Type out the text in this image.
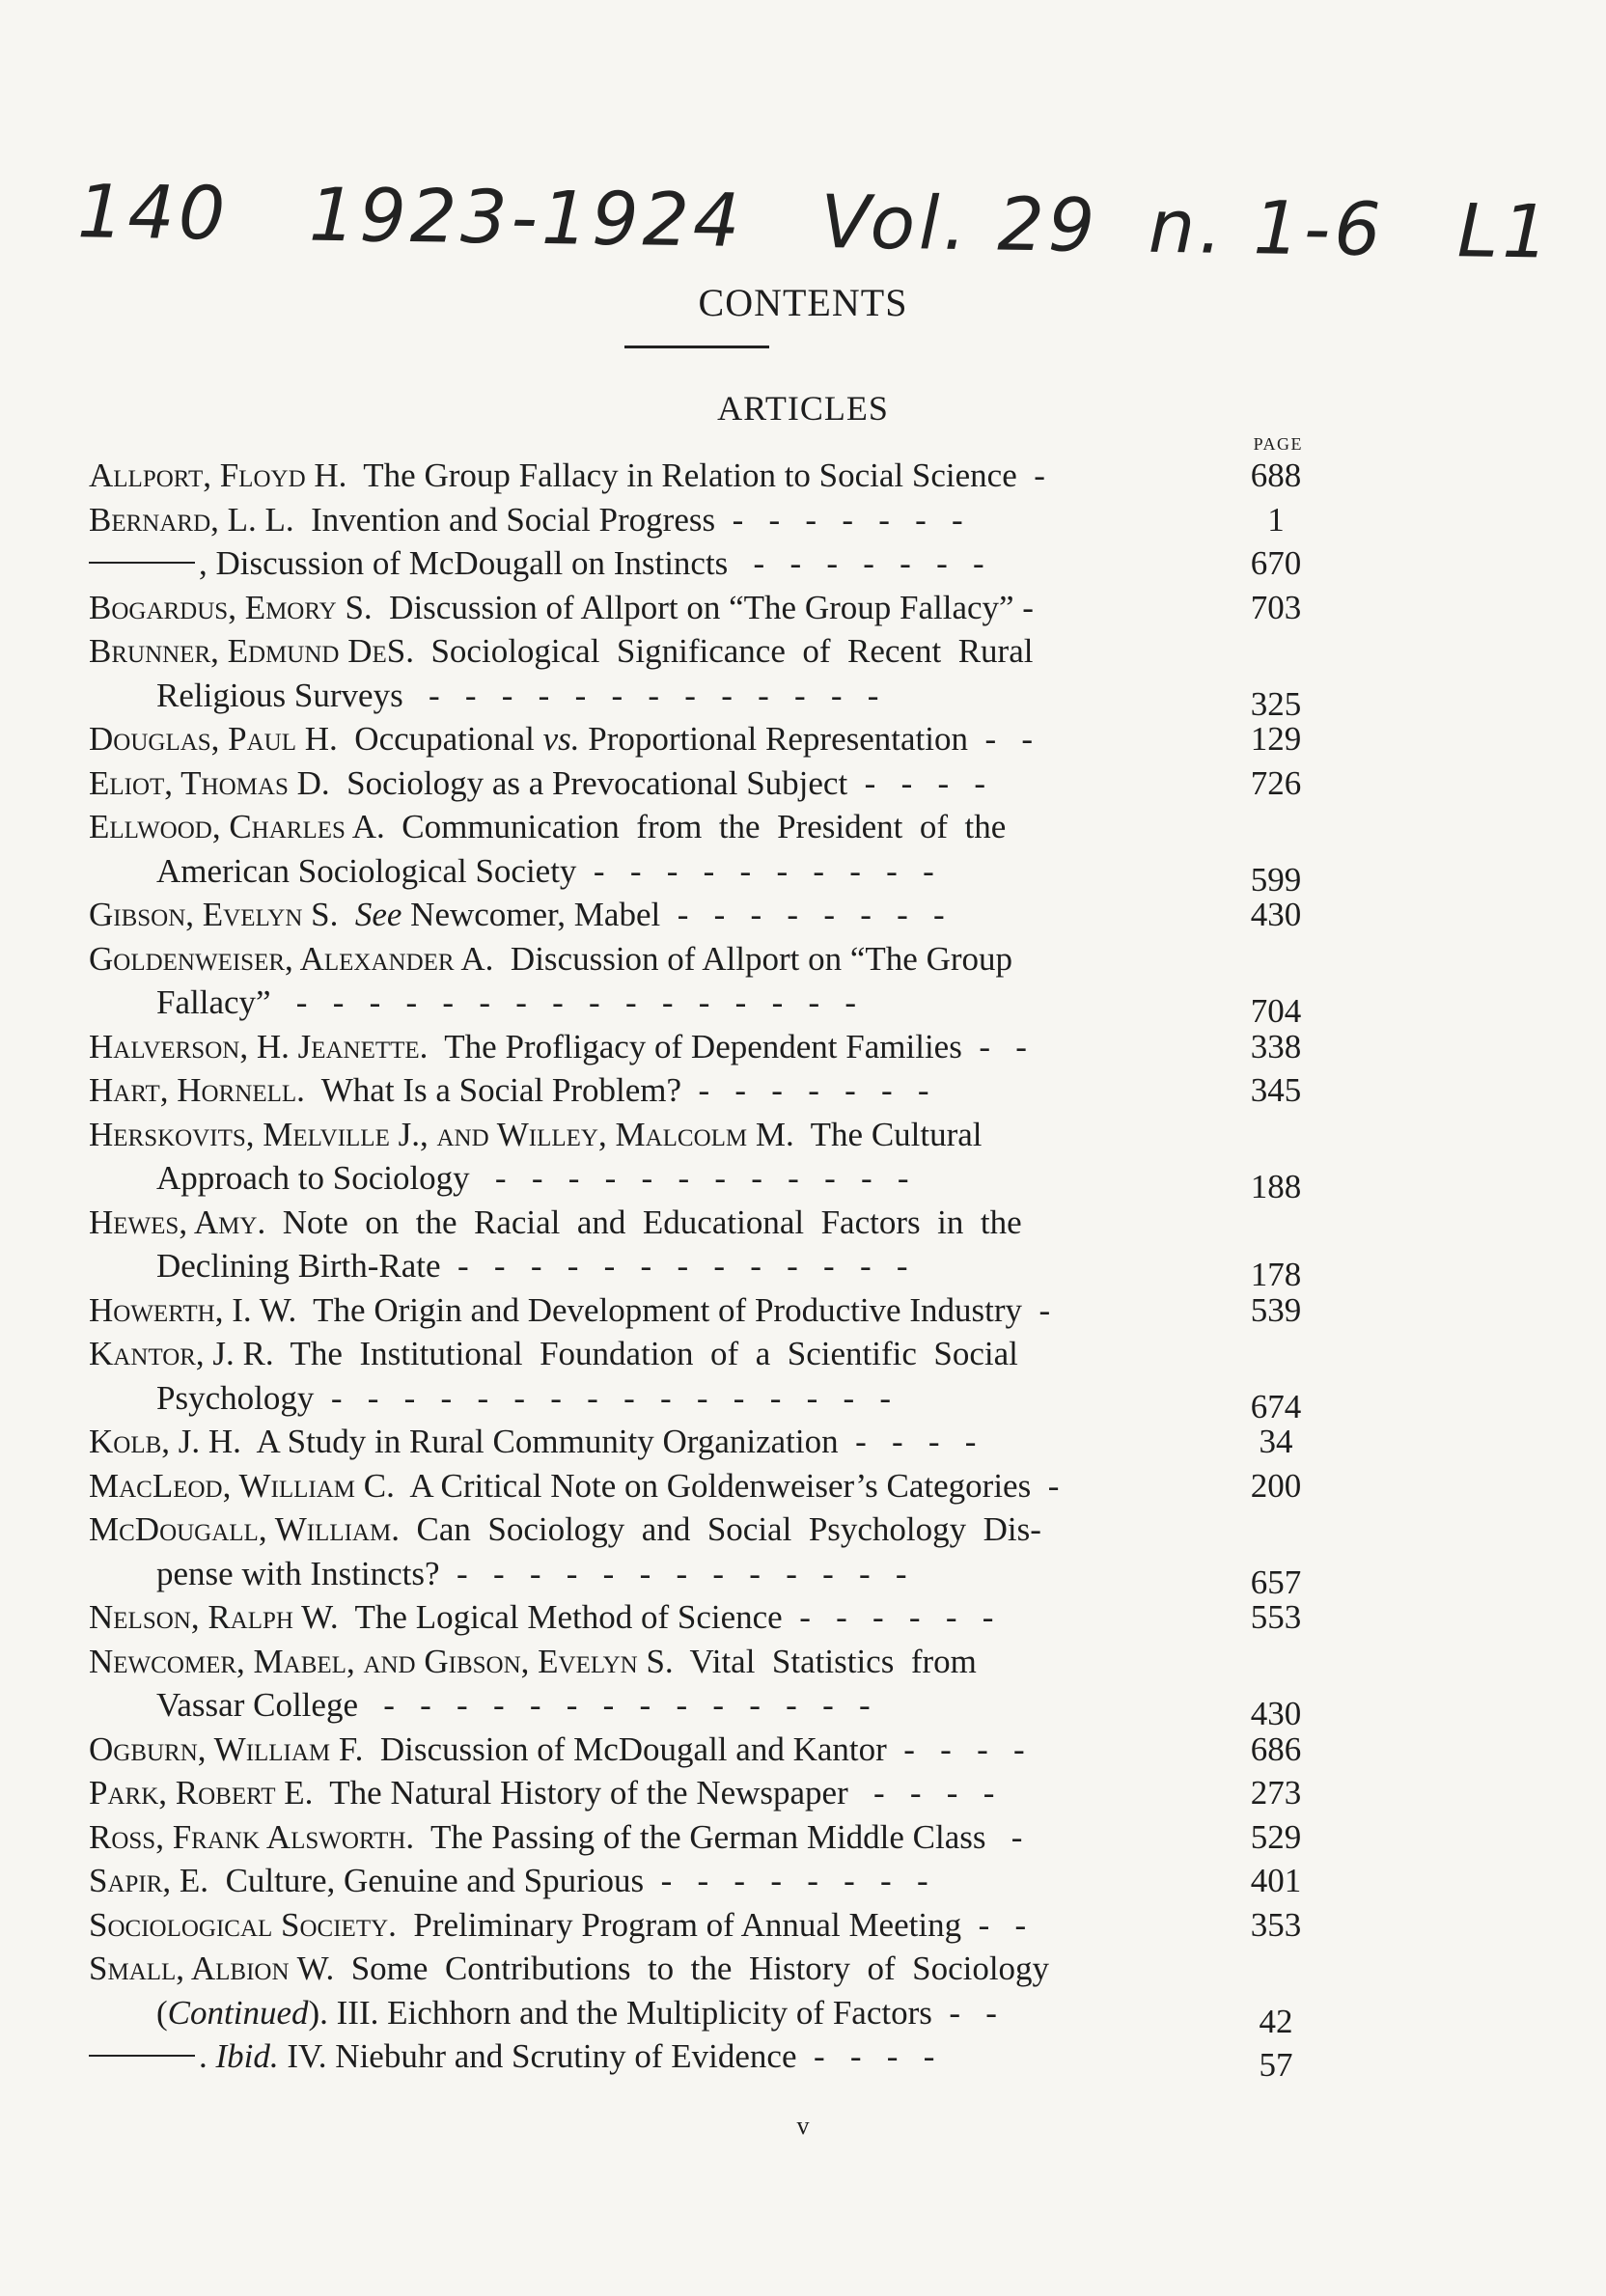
140 1923-1924 Vol. 29 n. 1-6 L1
CONTENTS
ARTICLES
PAGE
Allport, Floyd H.  The Group Fallacy in Relation to Social Science  -	688
Bernard, L. L.  Invention and Social Progress  -   -   -   -   -   -   -	1
, Discussion of McDougall on Instincts   -   -   -   -   -   -   -	670
Bogardus, Emory S.  Discussion of Allport on “The Group Fallacy” -	703
Brunner, Edmund DeS.  Sociological  Significance  of  Recent  Rural
Religious Surveys   -   -   -   -   -   -   -   -   -   -   -   -   -	325
Douglas, Paul H.  Occupational vs. Proportional Representation  -   -	129
Eliot, Thomas D.  Sociology as a Prevocational Subject  -   -   -   -	726
Ellwood, Charles A.  Communication  from  the  President  of  the
American Sociological Society  -   -   -   -   -   -   -   -   -   -	599
Gibson, Evelyn S. See Newcomer, Mabel  -   -   -   -   -   -   -   -	430
Goldenweiser, Alexander A.  Discussion of Allport on “The Group
Fallacy”   -   -   -   -   -   -   -   -   -   -   -   -   -   -   -   -	704
Halverson, H. Jeanette.  The Profligacy of Dependent Families  -   -	338
Hart, Hornell.  What Is a Social Problem?  -   -   -   -   -   -   -	345
Herskovits, Melville J., and Willey, Malcolm M.  The Cultural
Approach to Sociology   -   -   -   -   -   -   -   -   -   -   -   -	188
Hewes, Amy.  Note  on  the  Racial  and  Educational  Factors  in  the
Declining Birth-Rate  -   -   -   -   -   -   -   -   -   -   -   -   -	178
Howerth, I. W.  The Origin and Development of Productive Industry  -	539
Kantor, J. R.  The  Institutional  Foundation  of  a  Scientific  Social
Psychology  -   -   -   -   -   -   -   -   -   -   -   -   -   -   -   -	674
Kolb, J. H.  A Study in Rural Community Organization  -   -   -   -	34
MacLeod, William C.  A Critical Note on Goldenweiser’s Categories  -	200
McDougall, William.  Can  Sociology  and  Social  Psychology  Dis-
pense with Instincts?  -   -   -   -   -   -   -   -   -   -   -   -   -	657
Nelson, Ralph W.  The Logical Method of Science  -   -   -   -   -   -	553
Newcomer, Mabel, and Gibson, Evelyn S.  Vital  Statistics  from
Vassar College   -   -   -   -   -   -   -   -   -   -   -   -   -   -	430
Ogburn, William F.  Discussion of McDougall and Kantor  -   -   -   -	686
Park, Robert E.  The Natural History of the Newspaper   -   -   -   -	273
Ross, Frank Alsworth.  The Passing of the German Middle Class   -	529
Sapir, E.  Culture, Genuine and Spurious  -   -   -   -   -   -   -   -	401
Sociological Society.  Preliminary Program of Annual Meeting  -   -	353
Small, Albion W.  Some  Contributions  to  the  History  of  Sociology
(Continued). III. Eichhorn and the Multiplicity of Factors  -   -	42
. Ibid. IV. Niebuhr and Scrutiny of Evidence  -   -   -   -	57
v
